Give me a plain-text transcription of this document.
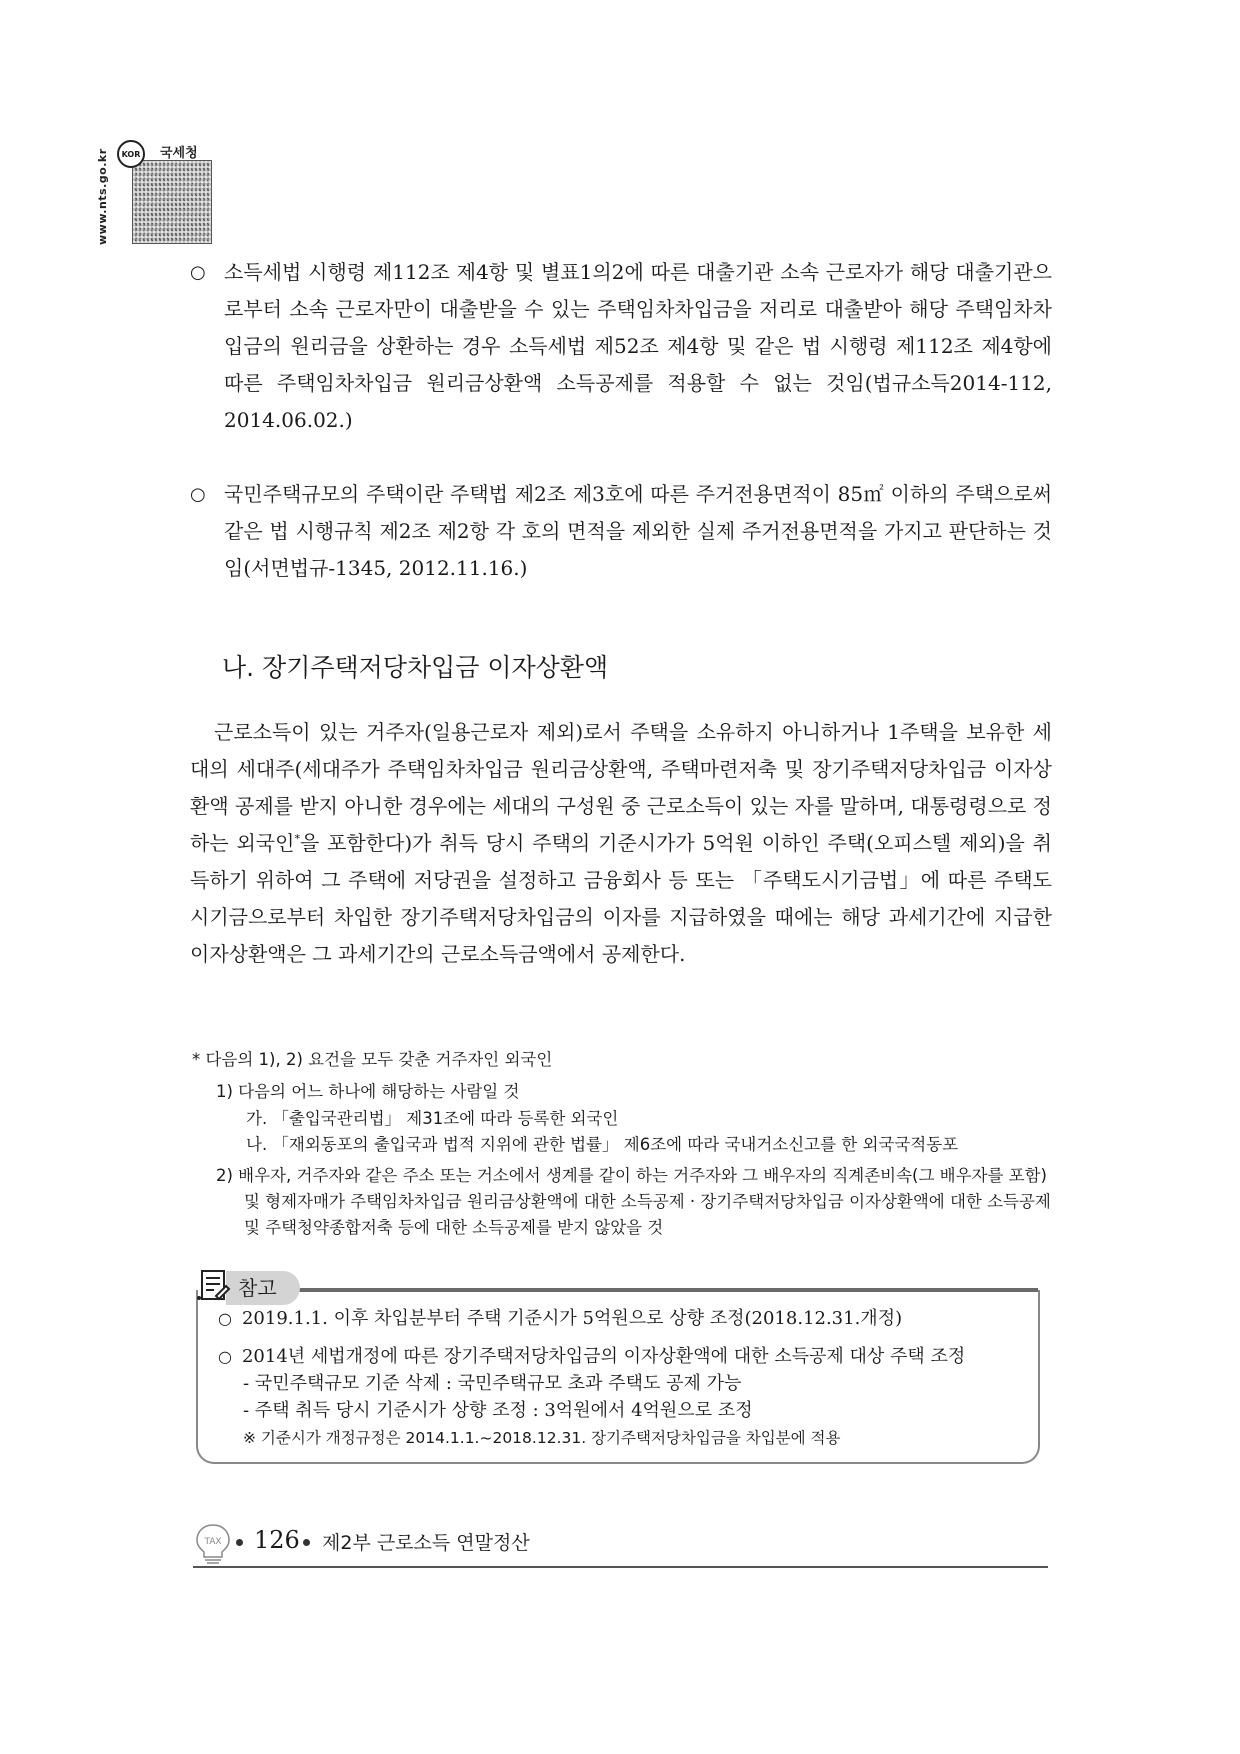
KOR
www.nts.go.kr	국세청
○ 소득세법 시행령 제112조 제4항 및 별표1의2에 따른 대출기관 소속 근로자가 해당 대출기관으로부터 소속 근로자만이 대출받을 수 있는 주택임차차입금을 저리로 대출받아 해당 주택임차차입금의 원리금을 상환하는 경우 소득세법 제52조 제4항 및 같은 법 시행령 제112조 제4항에 따른 주택임차차입금 원리금상환액 소득공제를 적용할 수 없는 것임(법규소득2014-112, 2014.06.02.)
○ 국민주택규모의 주택이란 주택법 제2조 제3호에 따른 주거전용면적이 85㎡ 이하의 주택으로써 같은 법 시행규칙 제2조 제2항 각 호의 면적을 제외한 실제 주거전용면적을 가지고 판단하는 것임(서면법규-1345, 2012.11.16.)
나. 장기주택저당차입금 이자상환액
근로소득이 있는 거주자(일용근로자 제외)로서 주택을 소유하지 아니하거나 1주택을 보유한 세대의 세대주(세대주가 주택임차차입금 원리금상환액, 주택마련저축 및 장기주택저당차입금 이자상환액 공제를 받지 아니한 경우에는 세대의 구성원 중 근로소득이 있는 자를 말하며, 대통령령으로 정하는 외국인*을 포함한다)가 취득 당시 주택의 기준시가가 5억원 이하인 주택(오피스텔 제외)을 취득하기 위하여 그 주택에 저당권을 설정하고 금융회사 등 또는 「주택도시기금법」에 따른 주택도시기금으로부터 차입한 장기주택저당차입금의 이자를 지급하였을 때에는 해당 과세기간에 지급한 이자상환액은 그 과세기간의 근로소득금액에서 공제한다.
* 다음의 1), 2) 요건을 모두 갖춘 거주자인 외국인
1) 다음의 어느 하나에 해당하는 사람일 것
가. 「출입국관리법」 제31조에 따라 등록한 외국인
나. 「재외동포의 출입국과 법적 지위에 관한 법률」 제6조에 따라 국내거소신고를 한 외국국적동포
2) 배우자, 거주자와 같은 주소 또는 거소에서 생계를 같이 하는 거주자와 그 배우자의 직계존비속(그 배우자를 포함) 및 형제자매가 주택임차차입금 원리금상환액에 대한 소득공제 · 장기주택저당차입금 이자상환액에 대한 소득공제 및 주택청약종합저축 등에 대한 소득공제를 받지 않았을 것
참고
○ 2019.1.1. 이후 차입분부터 주택 기준시가 5억원으로 상향 조정(2018.12.31.개정)
○ 2014년 세법개정에 따른 장기주택저당차입금의 이자상환액에 대한 소득공제 대상 주택 조정
- 국민주택규모 기준 삭제 : 국민주택규모 초과 주택도 공제 가능
- 주택 취득 당시 기준시가 상향 조정 : 3억원에서 4억원으로 조정
※ 기준시가 개정규정은 2014.1.1.~2018.12.31. 장기주택저당차입금을 차입분에 적용
TAX 126 제2부 근로소득 연말정산
